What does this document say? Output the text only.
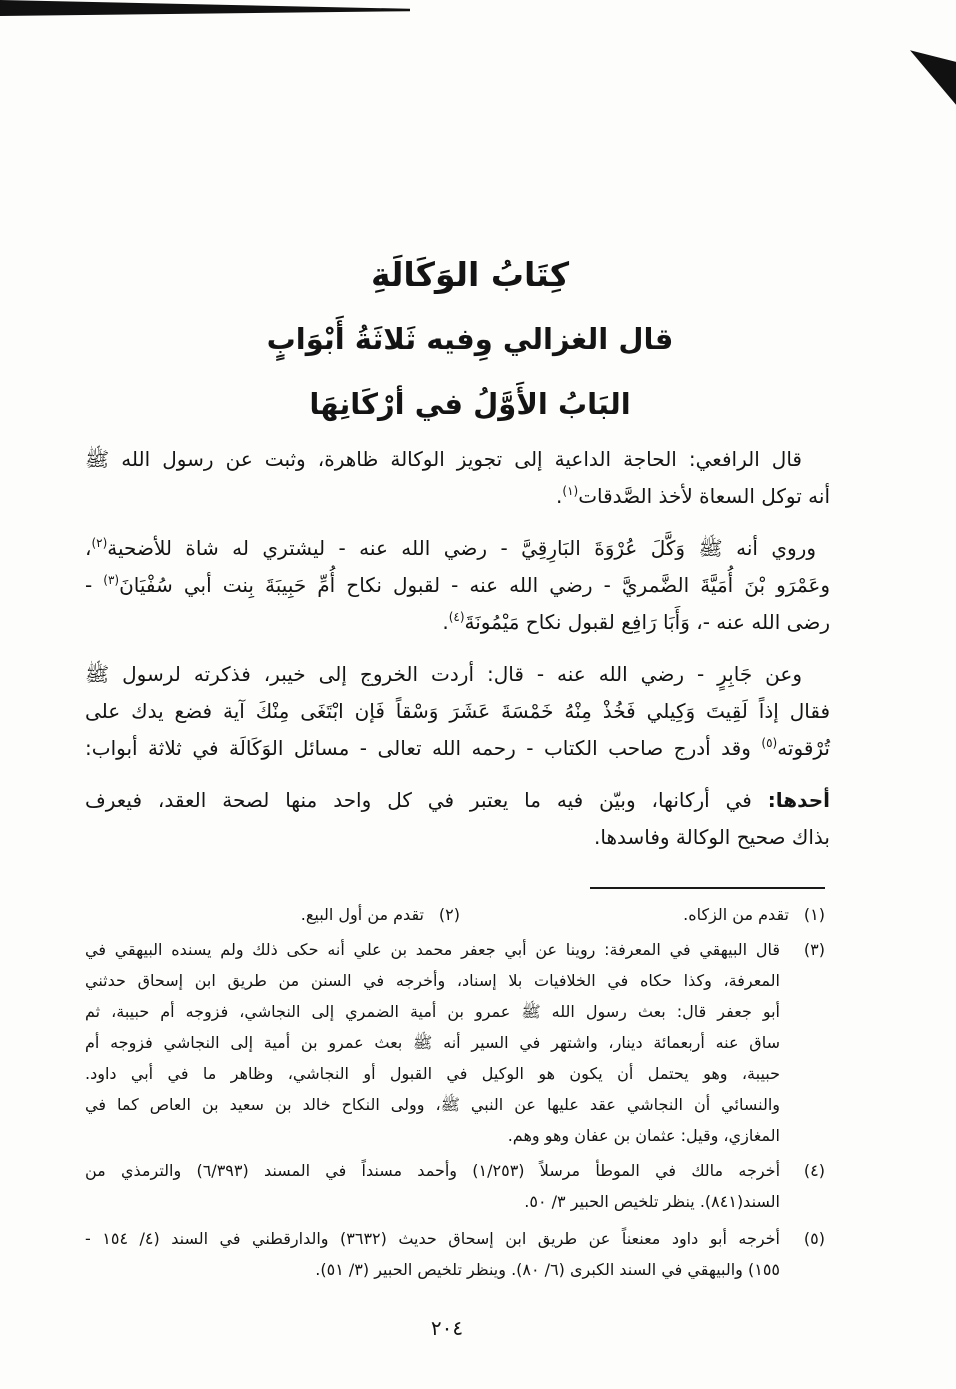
كِتَابُ الوَكَالَةِ
قال الغزالي وِفيه ثَلاثَةُ أَبْوَابٍ
البَابُ الأَوَّلُ في أرْكَانِهَا
قال الرافعي: الحاجة الداعية إلى تجويز الوكالة ظاهرة، وثبت عن رسول الله ﷺ
أنه توكل السعاة لأخذ الصَّدقات$^{(١)}$.
وروي أنه ﷺ وَكَّلَ عُرْوَةَ البَارِقِيَّ - رضي الله عنه - ليشتري له شاة للأضحية$^{(٢)}$،
وعَمْرَو بْنَ أُمَيَّةَ الضَّمريَّ - رضي الله عنه - لقبول نكاح أُمِّ حَبِيبَةَ بِنت أبي سُفْيَانَ$^{(٣)}$ -
رضى الله عنه -، وَأَبَا رَافِع لقبول نكاح مَيْمُونَةَ$^{(٤)}$.
وعن جَابِرٍ - رضي الله عنه - قال: أردت الخروج إلى خيبر، فذكرته لرسول ﷺ
فقال إذاً لَقِيتَ وَكِيلي فَخُذْ مِنْهُ خَمْسَةَ عَشَرَ وَسْقاً فَإن ابْتَغَى مِنْكَ آية فضع يدك على
تُرْقوته$^{(٥)}$ وقد أدرج صاحب الكتاب - رحمه الله تعالى - مسائل الوَكَالَة في ثلاثة أبواب:
أحدها: في أركانها، وبيّن فيه ما يعتبر في كل واحد منها لصحة العقد، فيعرف
بذاك صحيح الوكالة وفاسدها.
(١)
تقدم من الزكاه.
(٢)
تقدم من أول البيع.
(٣)
قال البيهقي في المعرفة: روينا عن أبي جعفر محمد بن علي أنه حكى ذلك ولم يسنده البيهقي في
المعرفة، وكذا حكاه في الخلافيات بلا إسناد، وأخرجه في السنن من طريق ابن إسحاق حدثني
أبو جعفر قال: بعث رسول الله ﷺ عمرو بن أمية الضمري إلى النجاشي، فزوجه أم حبيبة، ثم
ساق عنه أربعمائة دينار، واشتهر في السير أنه ﷺ بعث عمرو بن أمية إلى النجاشي فزوجه أم
حبيبة، وهو يحتمل أن يكون هو الوكيل في القبول أو النجاشي، وظاهر ما في أبي داود.
والنسائي أن النجاشي عقد عليها عن النبي ﷺ، وولى النكاح خالد بن سعيد بن العاص كما في
المغازي، وقيل: عثمان بن عفان وهو وهم.
(٤)
أخرجه مالك في الموطأ مرسلاً (١/٢٥٣) وأحمد مسنداً في المسند (٦/٣٩٣) والترمذي من
السند(٨٤١). ينظر تلخيص الحبير ٣/ ٥٠.
(٥)
أخرجه أبو داود معنعناً عن طريق ابن إسحاق حديث (٣٦٣٢) والدارقطني في السند (٤/ ١٥٤ -
١٥٥) والبيهقي في السند الكبرى (٦/ ٨٠). وينظر تلخيص الحبير (٣/ ٥١).
٢٠٤
